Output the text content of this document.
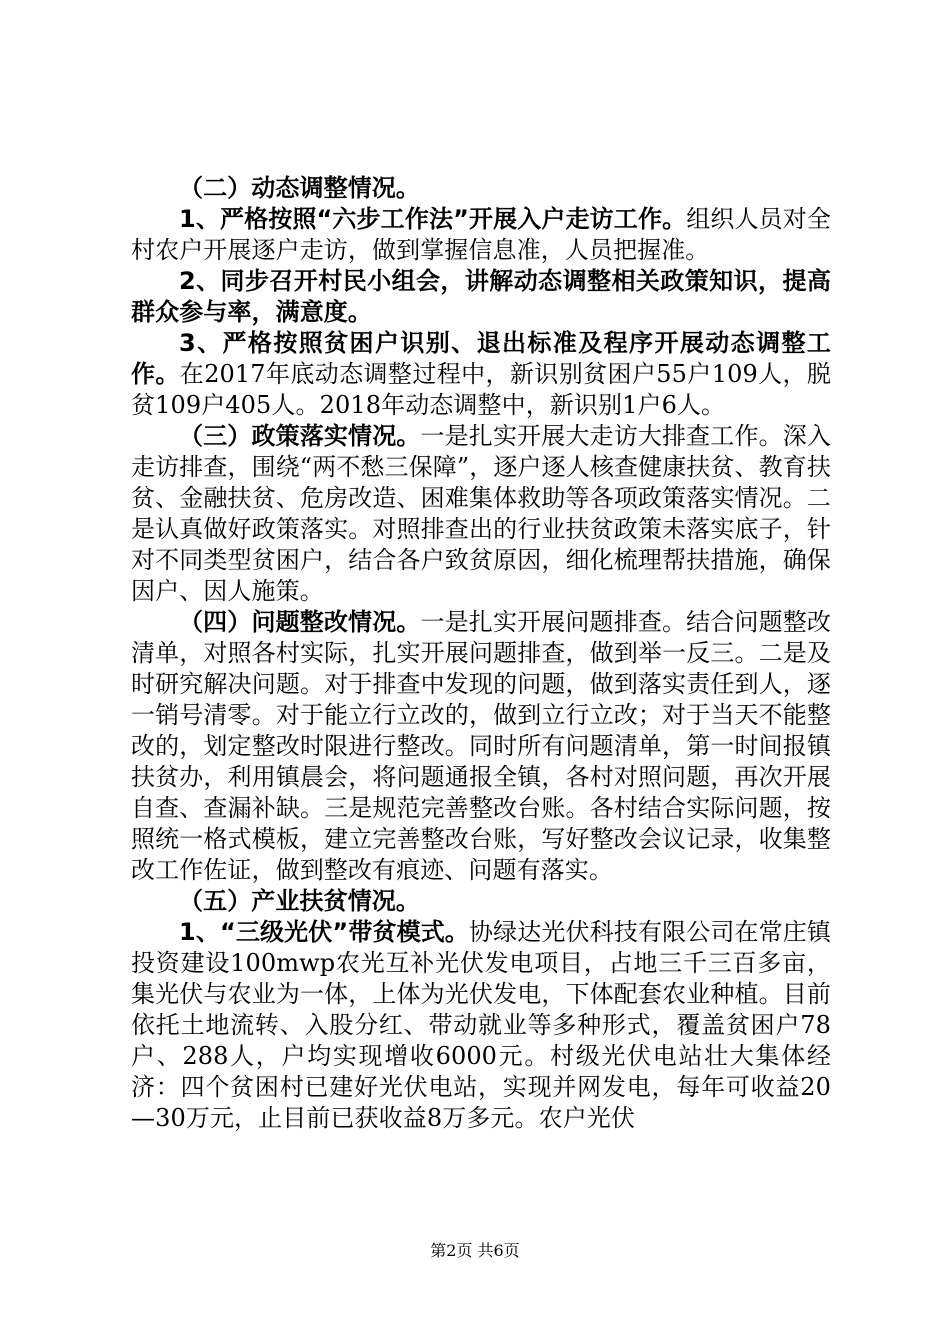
（二）动态调整情况。

1、严格按照“六步工作法”开展入户走访工作。组织人员对全村农户开展逐户走访，做到掌握信息准，人员把握准。

2、同步召开村民小组会，讲解动态调整相关政策知识，提高群众参与率，满意度。

3、严格按照贫困户识别、退出标准及程序开展动态调整工作。在2017年底动态调整过程中，新识别贫困户55户109人，脱贫109户405人。2018年动态调整中，新识别1户6人。

（三）政策落实情况。一是扎实开展大走访大排查工作。深入走访排查，围绕“两不愁三保障”，逐户逐人核查健康扶贫、教育扶贫、金融扶贫、危房改造、困难集体救助等各项政策落实情况。二是认真做好政策落实。对照排查出的行业扶贫政策未落实底子，针对不同类型贫困户，结合各户致贫原因，细化梳理帮扶措施，确保因户、因人施策。

（四）问题整改情况。一是扎实开展问题排查。结合问题整改清单，对照各村实际，扎实开展问题排查，做到举一反三。二是及时研究解决问题。对于排查中发现的问题，做到落实责任到人，逐一销号清零。对于能立行立改的，做到立行立改；对于当天不能整改的，划定整改时限进行整改。同时所有问题清单，第一时间报镇扶贫办，利用镇晨会，将问题通报全镇，各村对照问题，再次开展自查、查漏补缺。三是规范完善整改台账。各村结合实际问题，按照统一格式模板，建立完善整改台账，写好整改会议记录，收集整改工作佐证，做到整改有痕迹、问题有落实。

（五）产业扶贫情况。

1、“三级光伏”带贫模式。协绿达光伏科技有限公司在常庄镇投资建设100mwp农光互补光伏发电项目，占地三千三百多亩，集光伏与农业为一体，上体为光伏发电，下体配套农业种植。目前依托土地流转、入股分红、带动就业等多种形式，覆盖贫困户78户、288人，户均实现增收6000元。村级光伏电站壮大集体经济：四个贫困村已建好光伏电站，实现并网发电，每年可收益20—30万元，止目前已获收益8万多元。农户光伏

第2页 共6页
